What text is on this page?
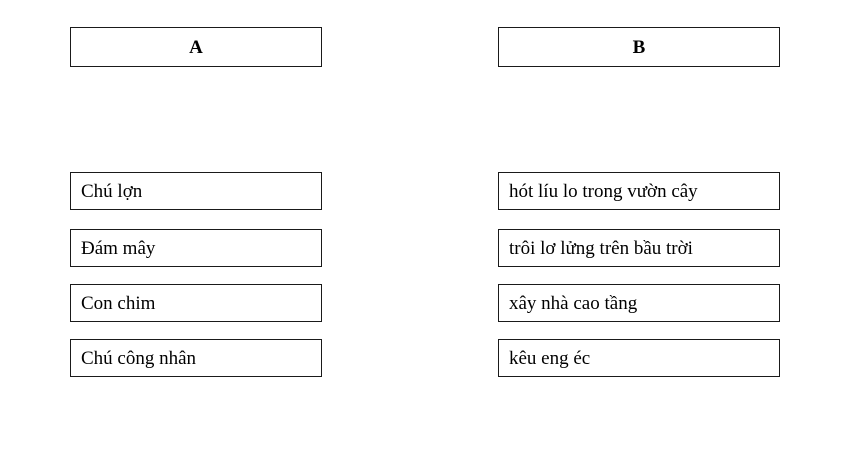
A
Chú lợn
Đám mây
Con chim
Chú công nhân
B
hót líu lo trong vườn cây
trôi lơ lửng trên bầu trời
xây nhà cao tầng
kêu eng éc
